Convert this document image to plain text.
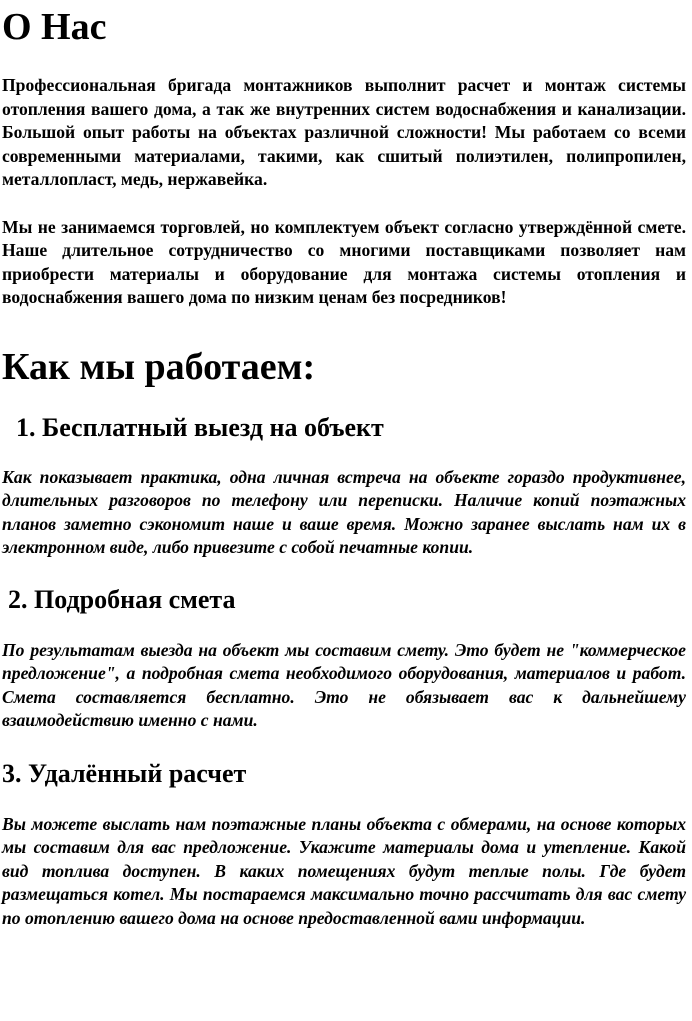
О Нас

Профессиональная бригада монтажников выполнит расчет и монтаж системы отопления вашего дома, а так же внутренних систем водоснабжения и канализации. Большой опыт работы на объектах различной сложности! Мы работаем со всеми современными материалами, такими, как сшитый полиэтилен, полипропилен, металлопласт, медь, нержавейка.

Мы не занимаемся торговлей, но комплектуем объект согласно утверждённой смете. Наше длительное сотрудничество со многими поставщиками позволяет нам приобрести материалы и оборудование для монтажа системы отопления и водоснабжения вашего дома по низким ценам без посредников!

Как мы работаем:
1. Бесплатный выезд на объект

Как показывает практика, одна личная встреча на объекте гораздо продуктивнее, длительных разговоров по телефону или переписки. Наличие копий поэтажных планов заметно сэкономит наше и ваше время. Можно заранее выслать нам их в электронном виде, либо привезите с собой печатные копии.

2. Подробная смета

По результатам выезда на объект мы составим смету. Это будет не "коммерческое предложение", а подробная смета необходимого оборудования, материалов и работ. Смета составляется бесплатно. Это не обязывает вас к дальнейшему взаимодействию именно с нами.

3. Удалённый расчет

Вы можете выслать нам поэтажные планы объекта с обмерами, на основе которых мы составим для вас предложение. Укажите материалы дома и утепление. Какой вид топлива доступен. В каких помещениях будут теплые полы. Где будет размещаться котел. Мы постараемся максимально точно рассчитать для вас смету по отоплению вашего дома на основе предоставленной вами информации.
